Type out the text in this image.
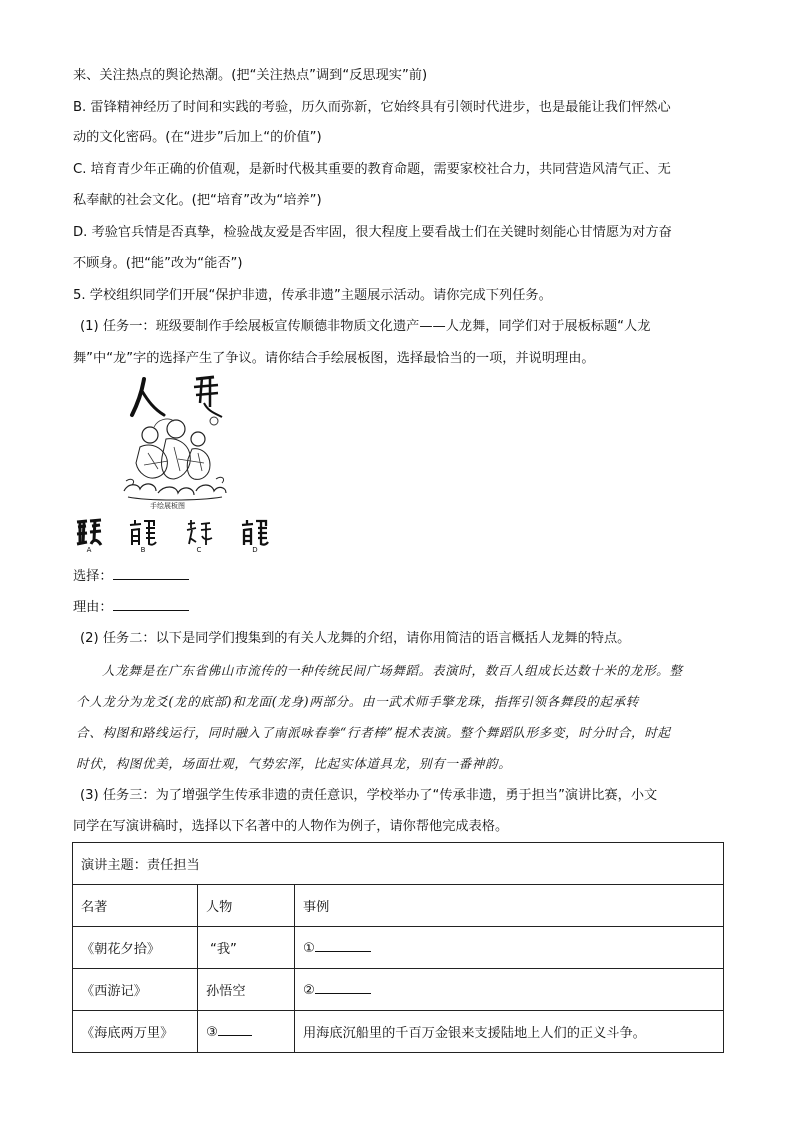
来、关注热点的舆论热潮。(把“关注热点”调到“反思现实”前)
B. 雷锋精神经历了时间和实践的考验，历久而弥新，它始终具有引领时代进步，也是最能让我们怦然心
动的文化密码。(在“进步”后加上“的价值”)
C. 培育青少年正确的价值观，是新时代极其重要的教育命题，需要家校社合力，共同营造风清气正、无
私奉献的社会文化。(把“培育”改为“培养”)
D. 考验官兵情是否真挚，检验战友爱是否牢固，很大程度上要看战士们在关键时刻能心甘情愿为对方奋
不顾身。(把“能”改为“能否”)
5. 学校组织同学们开展“保护非遗，传承非遗”主题展示活动。请你完成下列任务。
(1) 任务一：班级要制作手绘展板宣传顺德非物质文化遗产——人龙舞，同学们对于展板标题“人龙
舞”中“龙”字的选择产生了争议。请你结合手绘展板图，选择最恰当的一项，并说明理由。
手绘展板图
A	B	C	D
选择：
理由：
(2) 任务二：以下是同学们搜集到的有关人龙舞的介绍，请你用简洁的语言概括人龙舞的特点。
人龙舞是在广东省佛山市流传的一种传统民间广场舞蹈。表演时，数百人组成长达数十米的龙形。整
个人龙分为龙爻(龙的底部)和龙面(龙身)两部分。由一武术师手擎龙珠，指挥引领各舞段的起承转
合、构图和路线运行，同时融入了南派咏春拳“行者棒”棍术表演。整个舞蹈队形多变，时分时合，时起
时伏，构图优美，场面壮观，气势宏浑，比起实体道具龙，别有一番神韵。
(3) 任务三：为了增强学生传承非遗的责任意识，学校举办了“传承非遗，勇于担当”演讲比赛，小文
同学在写演讲稿时，选择以下名著中的人物作为例子，请你帮他完成表格。
演讲主题：责任担当		
名著	人物	事例
《朝花夕拾》	“我”	①
《西游记》	孙悟空	②
《海底两万里》	③	用海底沉船里的千百万金银来支援陆地上人们的正义斗争。
